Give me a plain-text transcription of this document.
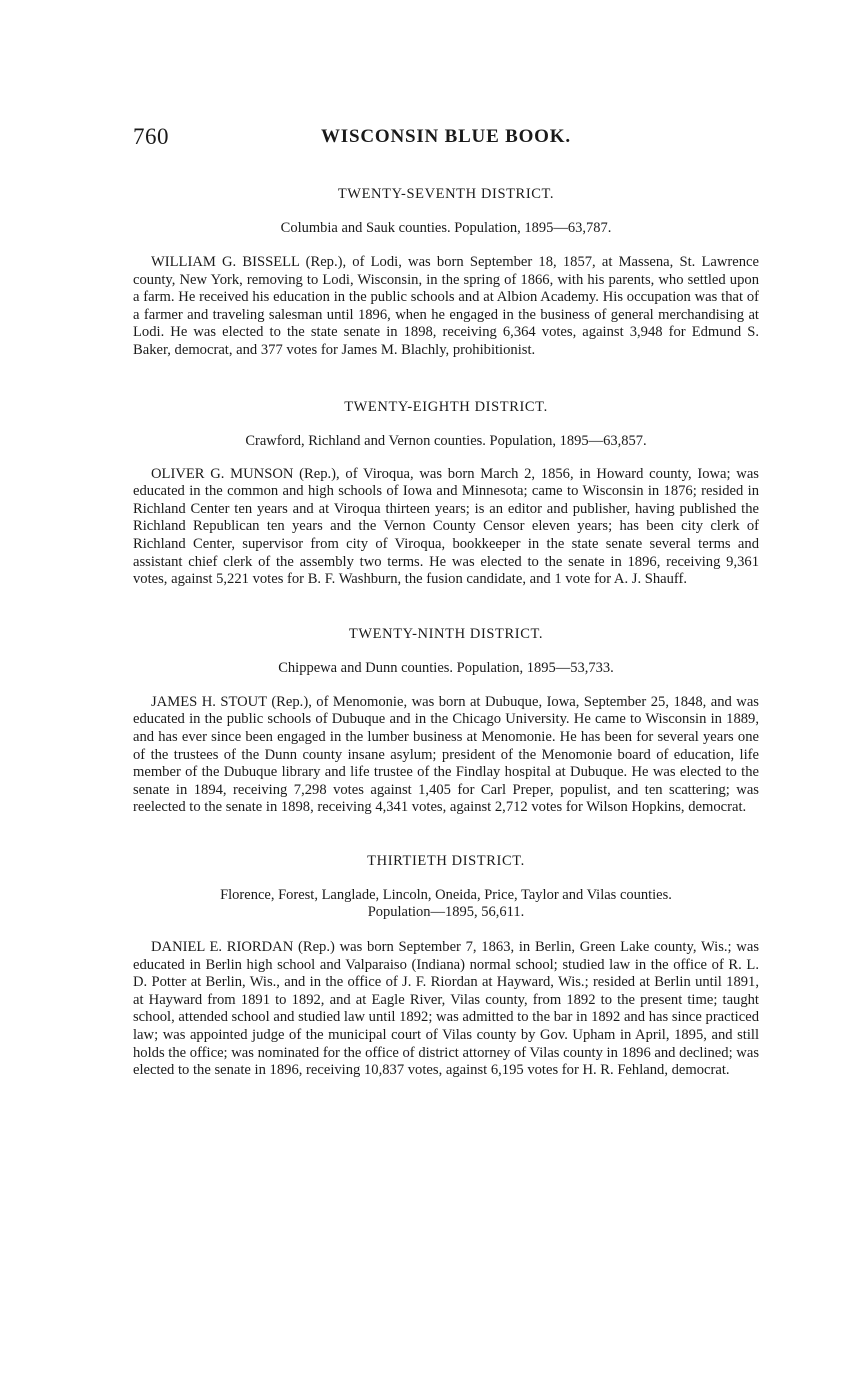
760	WISCONSIN BLUE BOOK.
TWENTY-SEVENTH DISTRICT.

Columbia and Sauk counties. Population, 1895—63,787.

WILLIAM G. BISSELL (Rep.), of Lodi, was born September 18, 1857, at Massena, St. Lawrence county, New York, removing to Lodi, Wisconsin, in the spring of 1866, with his parents, who settled upon a farm. He received his education in the public schools and at Albion Academy. His occupation was that of a farmer and traveling salesman until 1896, when he engaged in the business of general merchandising at Lodi. He was elected to the state senate in 1898, receiving 6,364 votes, against 3,948 for Edmund S. Baker, democrat, and 377 votes for James M. Blachly, prohibitionist.

TWENTY-EIGHTH DISTRICT.

Crawford, Richland and Vernon counties. Population, 1895—63,857.

OLIVER G. MUNSON (Rep.), of Viroqua, was born March 2, 1856, in Howard county, Iowa; was educated in the common and high schools of Iowa and Minnesota; came to Wisconsin in 1876; resided in Richland Center ten years and at Viroqua thirteen years; is an editor and publisher, having published the Richland Republican ten years and the Vernon County Censor eleven years; has been city clerk of Richland Center, supervisor from city of Viroqua, bookkeeper in the state senate several terms and assistant chief clerk of the assembly two terms. He was elected to the senate in 1896, receiving 9,361 votes, against 5,221 votes for B. F. Washburn, the fusion candidate, and 1 vote for A. J. Shauff.

TWENTY-NINTH DISTRICT.

Chippewa and Dunn counties. Population, 1895—53,733.

JAMES H. STOUT (Rep.), of Menomonie, was born at Dubuque, Iowa, September 25, 1848, and was educated in the public schools of Dubuque and in the Chicago University. He came to Wisconsin in 1889, and has ever since been engaged in the lumber business at Menomonie. He has been for several years one of the trustees of the Dunn county insane asylum; president of the Menomonie board of education, life member of the Dubuque library and life trustee of the Findlay hospital at Dubuque. He was elected to the senate in 1894, receiving 7,298 votes against 1,405 for Carl Preper, populist, and ten scattering; was reelected to the senate in 1898, receiving 4,341 votes, against 2,712 votes for Wilson Hopkins, democrat.

THIRTIETH DISTRICT.

Florence, Forest, Langlade, Lincoln, Oneida, Price, Taylor and Vilas counties.
Population—1895, 56,611.

DANIEL E. RIORDAN (Rep.) was born September 7, 1863, in Berlin, Green Lake county, Wis.; was educated in Berlin high school and Valparaiso (Indiana) normal school; studied law in the office of R. L. D. Potter at Berlin, Wis., and in the office of J. F. Riordan at Hayward, Wis.; resided at Berlin until 1891, at Hayward from 1891 to 1892, and at Eagle River, Vilas county, from 1892 to the present time; taught school, attended school and studied law until 1892; was admitted to the bar in 1892 and has since practiced law; was appointed judge of the municipal court of Vilas county by Gov. Upham in April, 1895, and still holds the office; was nominated for the office of district attorney of Vilas county in 1896 and declined; was elected to the senate in 1896, receiving 10,837 votes, against 6,195 votes for H. R. Fehland, democrat.
